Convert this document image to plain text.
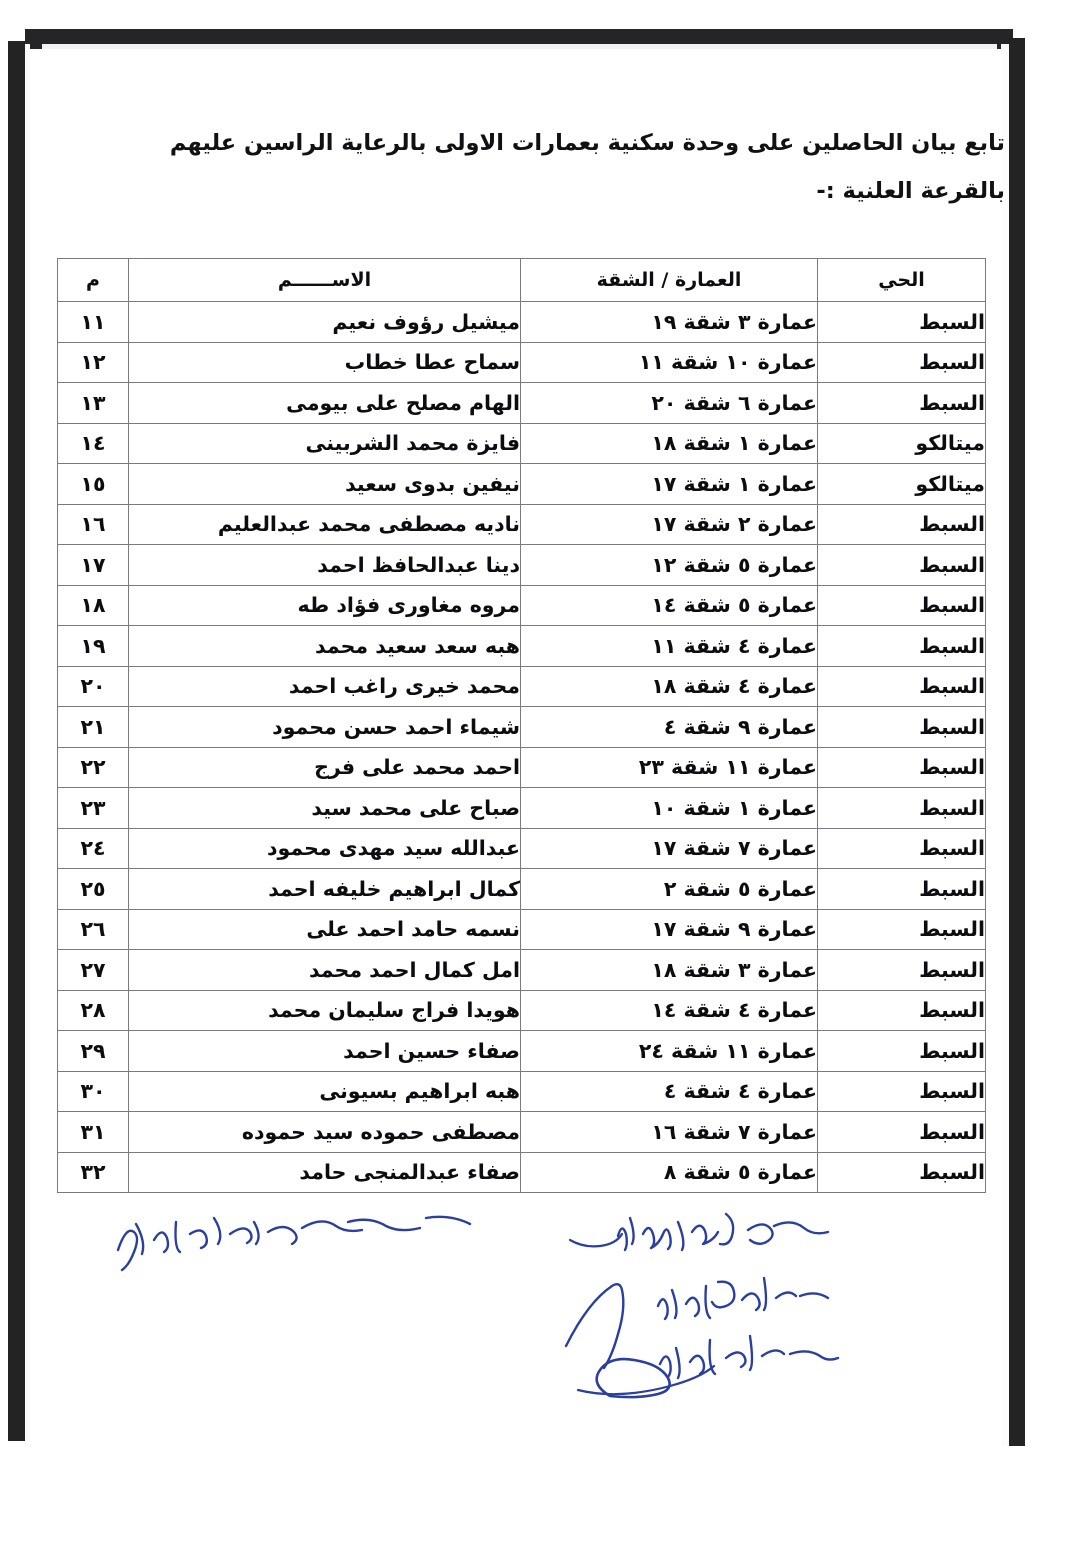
تابع بيان الحاصلين على وحدة سكنية بعمارات الاولى بالرعاية الراسين عليهم
بالقرعة العلنية :-
الحي	العمارة / الشقة	الاســــــم	م
السبط	عمارة ٣ شقة ١٩	ميشيل رؤوف نعيم	١١
السبط	عمارة ١٠ شقة ١١	سماح عطا خطاب	١٢
السبط	عمارة ٦ شقة ٢٠	الهام مصلح على بيومى	١٣
ميتالكو	عمارة ١ شقة ١٨	فايزة محمد الشربينى	١٤
ميتالكو	عمارة ١ شقة ١٧	نيفين بدوى سعيد	١٥
السبط	عمارة ٢ شقة ١٧	ناديه مصطفى محمد عبدالعليم	١٦
السبط	عمارة ٥ شقة ١٢	دينا عبدالحافظ احمد	١٧
السبط	عمارة ٥ شقة ١٤	مروه مغاورى فؤاد طه	١٨
السبط	عمارة ٤ شقة ١١	هبه سعد سعيد محمد	١٩
السبط	عمارة ٤ شقة ١٨	محمد خيرى راغب احمد	٢٠
السبط	عمارة ٩ شقة ٤	شيماء احمد حسن محمود	٢١
السبط	عمارة ١١ شقة ٢٣	احمد محمد على فرج	٢٢
السبط	عمارة ١ شقة ١٠	صباح على محمد سيد	٢٣
السبط	عمارة ٧ شقة ١٧	عبدالله سيد مهدى محمود	٢٤
السبط	عمارة ٥ شقة ٢	كمال ابراهيم خليفه احمد	٢٥
السبط	عمارة ٩ شقة ١٧	نسمه حامد احمد على	٢٦
السبط	عمارة ٣ شقة ١٨	امل كمال احمد محمد	٢٧
السبط	عمارة ٤ شقة ١٤	هويدا فراج سليمان محمد	٢٨
السبط	عمارة ١١ شقة ٢٤	صفاء حسين احمد	٢٩
السبط	عمارة ٤ شقة ٤	هبه ابراهيم بسيونى	٣٠
السبط	عمارة ٧ شقة ١٦	مصطفى حموده سيد حموده	٣١
السبط	عمارة ٥ شقة ٨	صفاء عبدالمنجى حامد	٣٢
